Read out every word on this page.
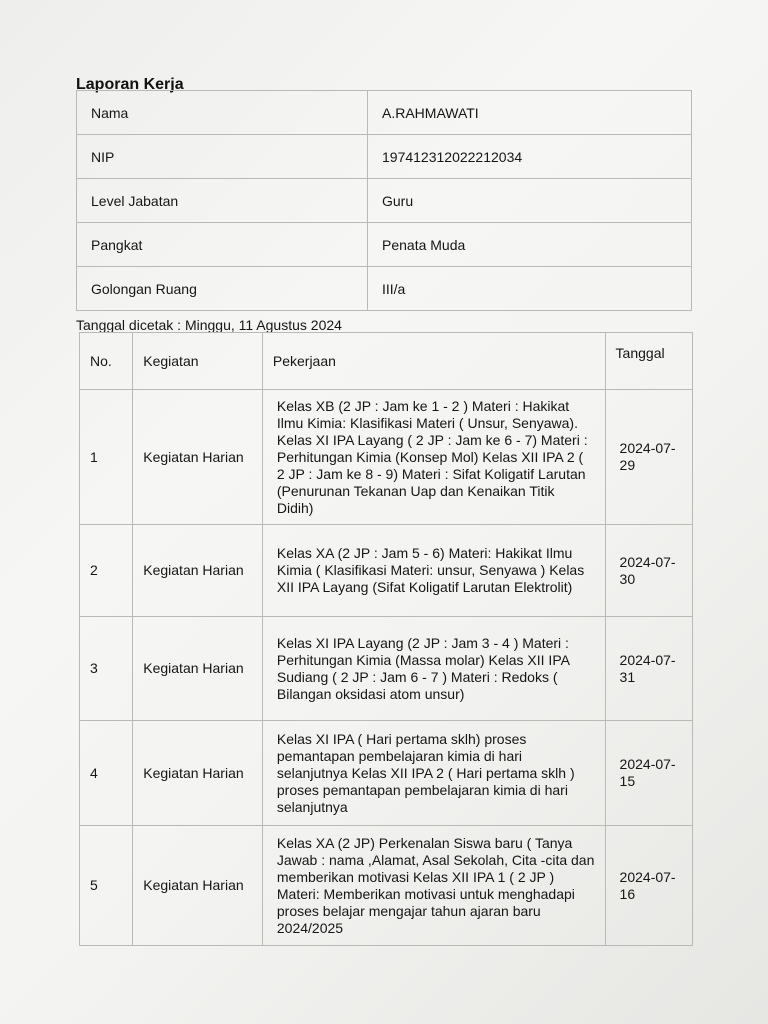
Laporan Kerja
Nama	A.RAHMAWATI
NIP	197412312022212034
Level Jabatan	Guru
Pangkat	Penata Muda
Golongan Ruang	III/a
Tanggal dicetak : Minggu, 11 Agustus 2024
No.	Kegiatan	Pekerjaan	Tanggal
1	Kegiatan Harian	Kelas XB (2 JP : Jam ke 1 - 2 ) Materi : Hakikat Ilmu Kimia: Klasifikasi Materi ( Unsur, Senyawa). Kelas XI IPA Layang ( 2 JP : Jam ke 6 - 7) Materi : Perhitungan Kimia (Konsep Mol) Kelas XII IPA 2 ( 2 JP : Jam ke 8 - 9) Materi : Sifat Koligatif Larutan (Penurunan Tekanan Uap dan Kenaikan Titik Didih)	2024-07-29
2	Kegiatan Harian	Kelas XA (2 JP : Jam 5 - 6) Materi: Hakikat Ilmu Kimia ( Klasifikasi Materi: unsur, Senyawa ) Kelas XII IPA Layang (Sifat Koligatif Larutan Elektrolit)	2024-07-30
3	Kegiatan Harian	Kelas XI IPA Layang (2 JP : Jam 3 - 4 ) Materi : Perhitungan Kimia (Massa molar) Kelas XII IPA Sudiang ( 2 JP : Jam 6 - 7 ) Materi : Redoks ( Bilangan oksidasi atom unsur)	2024-07-31
4	Kegiatan Harian	Kelas XI IPA ( Hari pertama sklh) proses pemantapan pembelajaran kimia di hari selanjutnya Kelas XII IPA 2 ( Hari pertama sklh ) proses pemantapan pembelajaran kimia di hari selanjutnya	2024-07-15
5	Kegiatan Harian	Kelas XA (2 JP) Perkenalan Siswa baru ( Tanya Jawab : nama ,Alamat, Asal Sekolah, Cita -cita dan memberikan motivasi Kelas XII IPA 1 ( 2 JP ) Materi: Memberikan motivasi untuk menghadapi proses belajar mengajar tahun ajaran baru 2024/2025	2024-07-16
